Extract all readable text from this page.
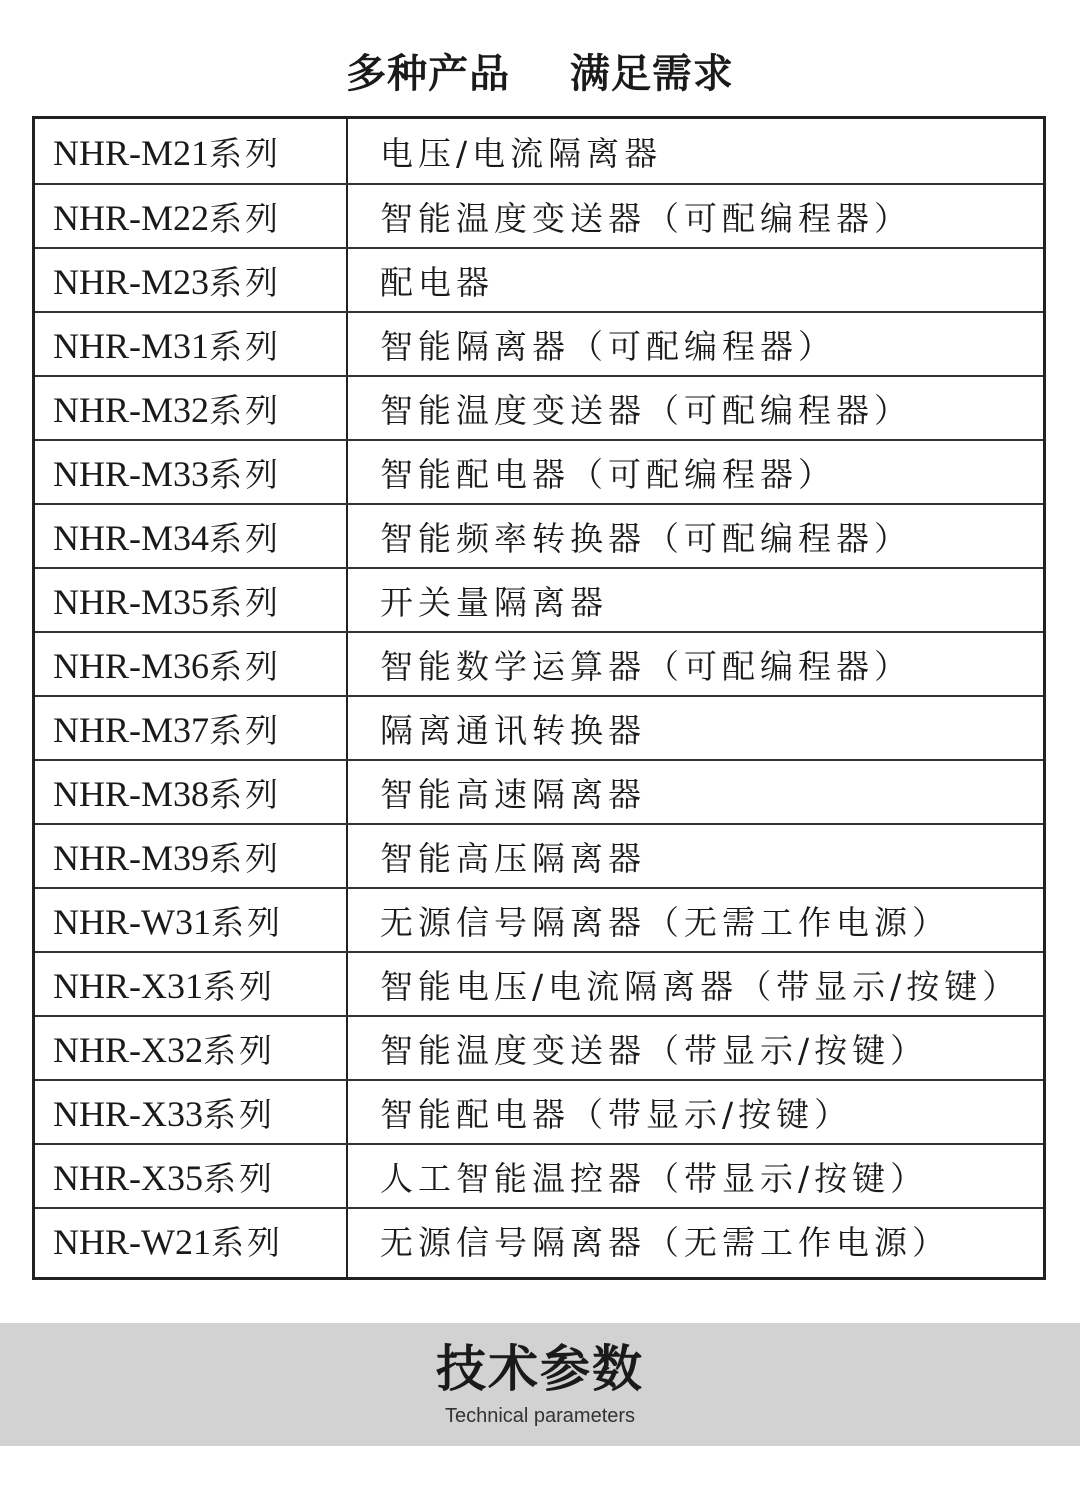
多种产品    满足需求
NHR-M21系列	电压/电流隔离器
NHR-M22系列	智能温度变送器（可配编程器）
NHR-M23系列	配电器
NHR-M31系列	智能隔离器（可配编程器）
NHR-M32系列	智能温度变送器（可配编程器）
NHR-M33系列	智能配电器（可配编程器）
NHR-M34系列	智能频率转换器（可配编程器）
NHR-M35系列	开关量隔离器
NHR-M36系列	智能数学运算器（可配编程器）
NHR-M37系列	隔离通讯转换器
NHR-M38系列	智能高速隔离器
NHR-M39系列	智能高压隔离器
NHR-W31系列	无源信号隔离器（无需工作电源）
NHR-X31系列	智能电压/电流隔离器（带显示/按键）
NHR-X32系列	智能温度变送器（带显示/按键）
NHR-X33系列	智能配电器（带显示/按键）
NHR-X35系列	人工智能温控器（带显示/按键）
NHR-W21系列	无源信号隔离器（无需工作电源）
技术参数
Technical parameters
